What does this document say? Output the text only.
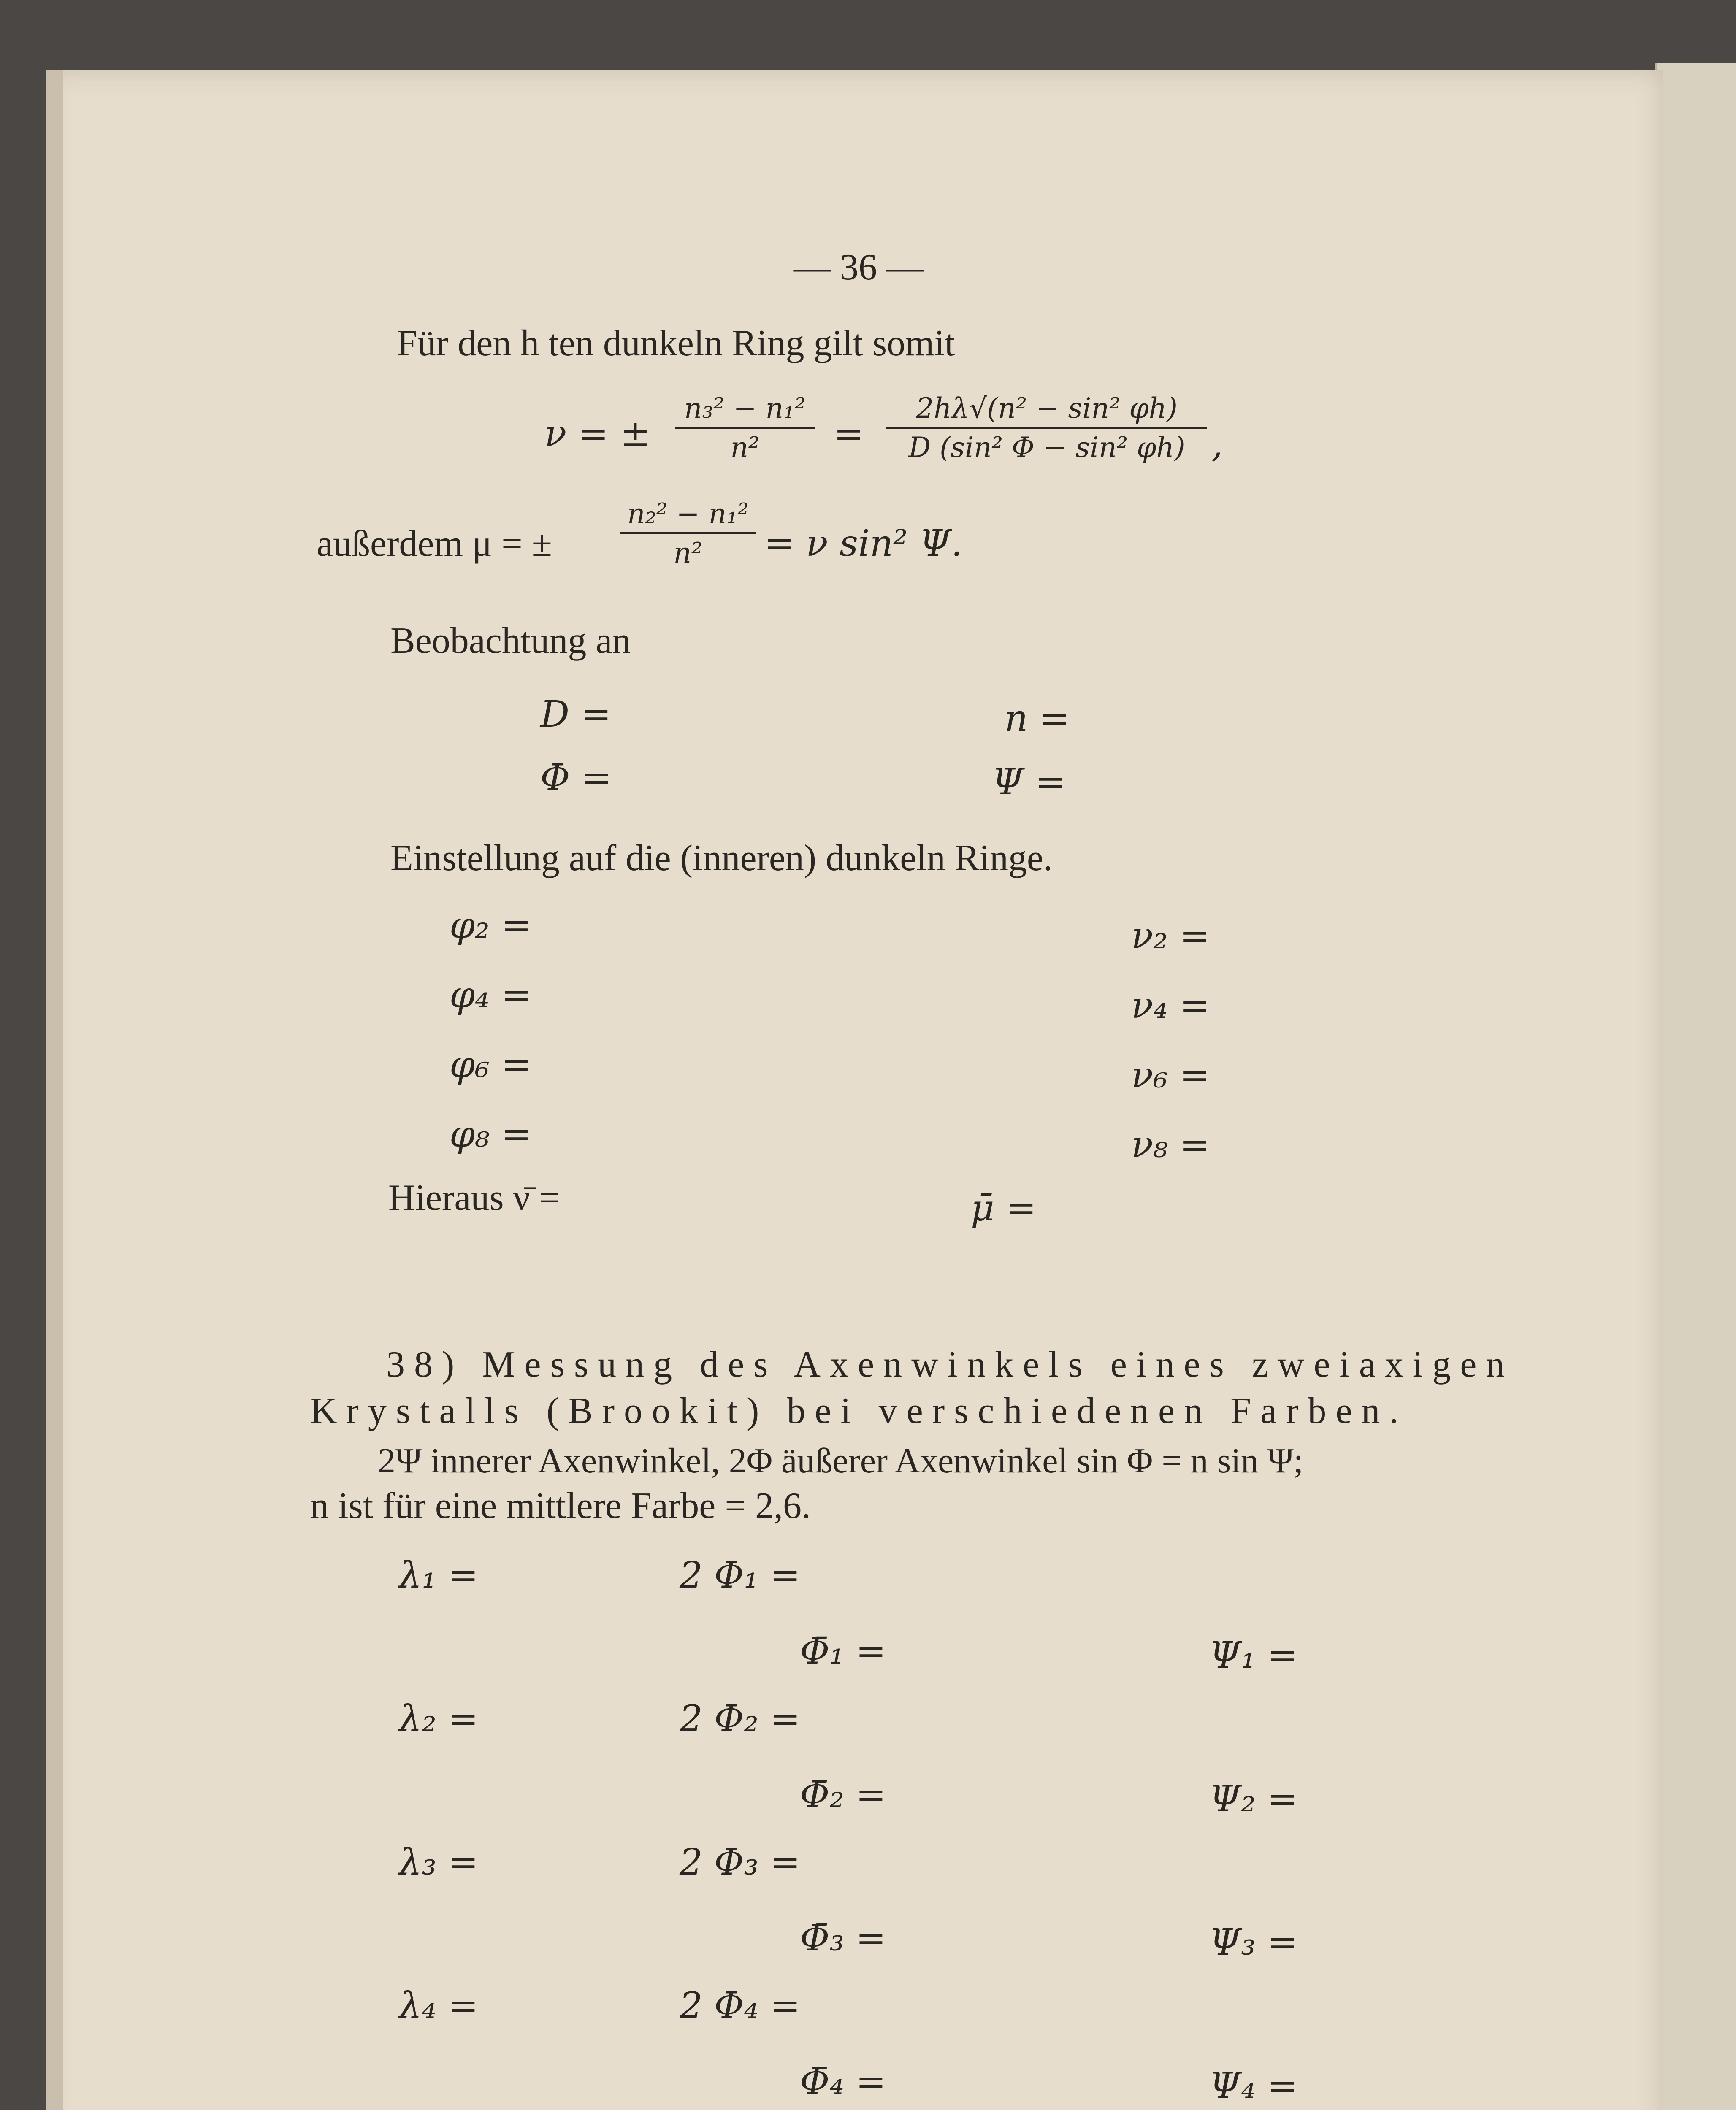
— 36 —
Für den h ten dunkeln Ring gilt somit
ν = ±
n₃² − n₁²
n²	=
2hλ√(n² − sin² φh)
D (sin² Φ − sin² φh) ,
außerdem μ = ±
n₂² − n₁²
n²	= ν sin² Ψ.
Beobachtung an
D =	n =
Φ =	Ψ =
Einstellung auf die (inneren) dunkeln Ringe.
φ₂ =	ν₂ =
φ₄ =	ν₄ =
φ₆ =	ν₆ =
φ₈ =	ν₈ =
Hieraus ν̄ =	μ̄ =
38) Messung des Axenwinkels eines zweiaxigen
Krystalls (Brookit) bei verschiedenen Farben.
2Ψ innerer Axenwinkel, 2Φ äußerer Axenwinkel sin Φ = n sin Ψ;
n ist für eine mittlere Farbe = 2,6.
λ₁ =	2 Φ₁ =
Φ̄₁ =	Ψ₁ =
λ₂ =	2 Φ₂ =
Φ̄₂ =	Ψ₂ =
λ₃ =	2 Φ₃ =
Φ̄₃ =	Ψ₃ =
λ₄ =	2 Φ₄ =
Φ̄₄ =	Ψ₄ =
